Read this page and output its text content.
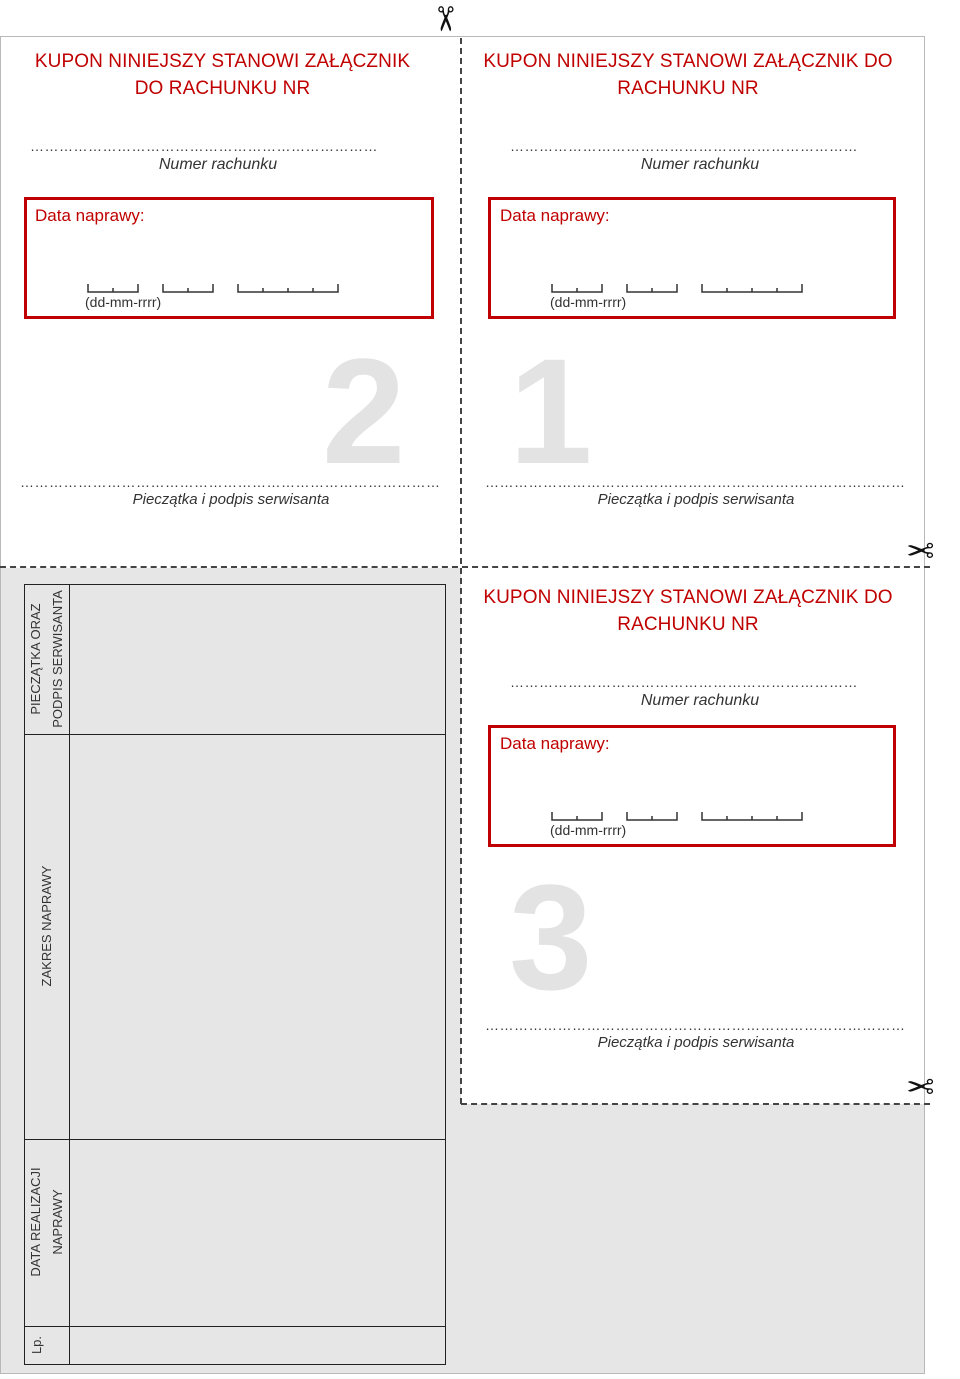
✂
✂
✂
KUPON NINIEJSZY STANOWI ZAŁĄCZNIK DO RACHUNKU NR
………………………………………………………………
Numer rachunku
Data naprawy:
(dd-mm-rrrr)
2
……………………………………………………………………………
Pieczątka i podpis serwisanta
KUPON NINIEJSZY STANOWI ZAŁĄCZNIK DO RACHUNKU NR
………………………………………………………………
Numer rachunku
Data naprawy:
(dd-mm-rrrr)
1
……………………………………………………………………………
Pieczątka i podpis serwisanta
KUPON NINIEJSZY STANOWI ZAŁĄCZNIK DO RACHUNKU NR
………………………………………………………………
Numer rachunku
Data naprawy:
(dd-mm-rrrr)
3
……………………………………………………………………………
Pieczątka i podpis serwisanta
PIECZĄTKA ORAZ PODPIS SERWISANTA
ZAKRES NAPRAWY
DATA REALIZACJI NAPRAWY
Lp.
